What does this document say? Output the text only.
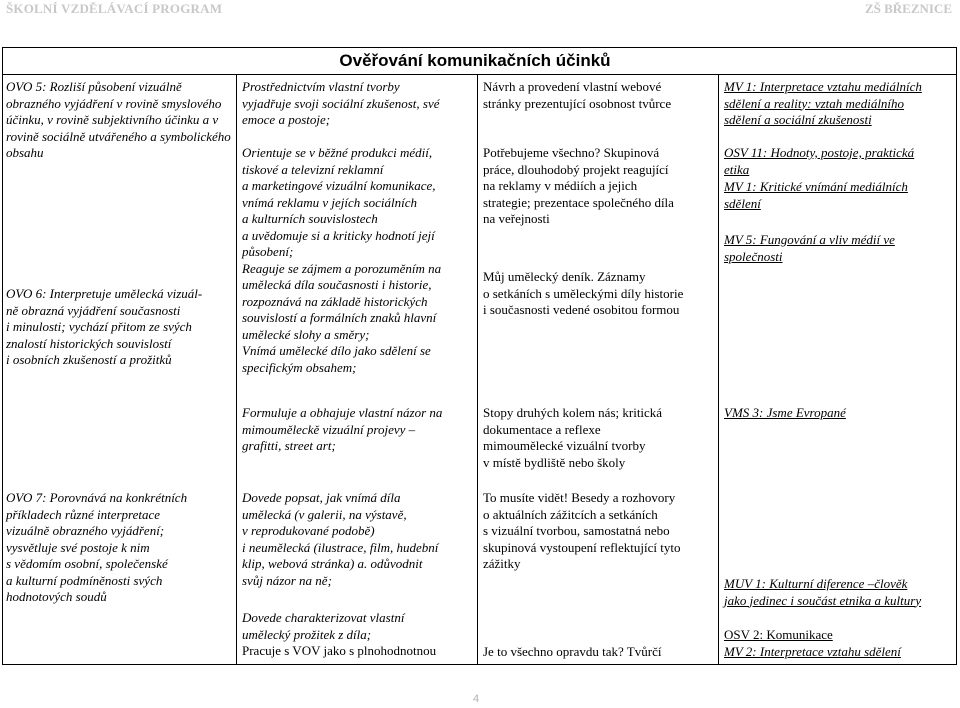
ŠKOLNÍ VZDĚLÁVACÍ PROGRAM	ZŠ BŘEZNICE
Ověřování komunikačních účinků
OVO 5: Rozliší působení vizuálně obrazného vyjádření v rovině smyslového účinku, v rovině subjektivního účinku a v rovině sociálně utvářeného a symbolického obsahu

OVO 6: Interpretuje umělecká vizuál-

ně obrazná vyjádření současnosti

i minulosti; vychází přitom ze svých

znalostí historických souvislostí

i osobních zkušeností a prožitků

OVO 7: Porovnává na konkrétních

příkladech různé interpretace

vizuálně obrazného vyjádření;

vysvětluje své postoje k nim

s vědomím osobní, společenské

a kulturní podmíněnosti svých

hodnotových soudů

Prostřednictvím vlastní tvorby

vyjadřuje svoji sociální zkušenost, své

emoce a postoje;

Orientuje se v běžné produkci médií,

tiskové a televizní reklamní

a marketingové vizuální komunikace,

vnímá reklamu v jejích sociálních

a kulturních souvislostech

a uvědomuje si a kriticky hodnotí její

působení;

Reaguje se zájmem a porozuměním na

umělecká díla současnosti i historie,

rozpoznává na základě historických

souvislostí a formálních znaků hlavní

umělecké slohy a směry;

Vnímá umělecké dílo jako sdělení se

specifickým obsahem;

Formuluje a obhajuje vlastní názor na

mimouměleckě vizuální projevy –

grafitti, street art;

Dovede popsat, jak vnímá díla

umělecká (v galerii, na výstavě,

v reprodukované podobě)

i neumělecká (ilustrace, film, hudební

klip, webová stránka) a. odůvodnit

svůj názor na ně;

Dovede charakterizovat vlastní

umělecký prožitek z díla;

Pracuje s VOV jako s plnohodnotnou

Návrh a provedení vlastní webové

stránky prezentující osobnost tvůrce

Potřebujeme všechno? Skupinová

práce, dlouhodobý projekt reagující

na reklamy v médiích a jejich

strategie; prezentace společného díla

na veřejnosti

Můj umělecký deník. Záznamy

o setkáních s uměleckými díly historie

i současnosti vedené osobitou formou

Stopy druhých kolem nás; kritická

dokumentace a reflexe

mimoumělecké vizuální tvorby

v místě bydliště nebo školy

To musíte vidět! Besedy a rozhovory

o aktuálních zážitcích a setkáních

s vizuální tvorbou, samostatná nebo

skupinová vystoupení reflektující tyto

zážitky

Je to všechno opravdu tak? Tvůrčí

MV 1: Interpretace vztahu mediálních

sdělení a reality: vztah mediálního

sdělení a sociální zkušenosti

OSV 11: Hodnoty, postoje, praktická

etika

MV 1: Kritické vnímání mediálních

sdělení

MV 5: Fungování a vliv médií ve

společnosti

VMS 3: Jsme Evropané

MUV 1: Kulturní diference –člověk

jako jedinec i součást etnika a kultury

OSV 2: Komunikace
MV 2: Interpretace vztahu sdělení
4
